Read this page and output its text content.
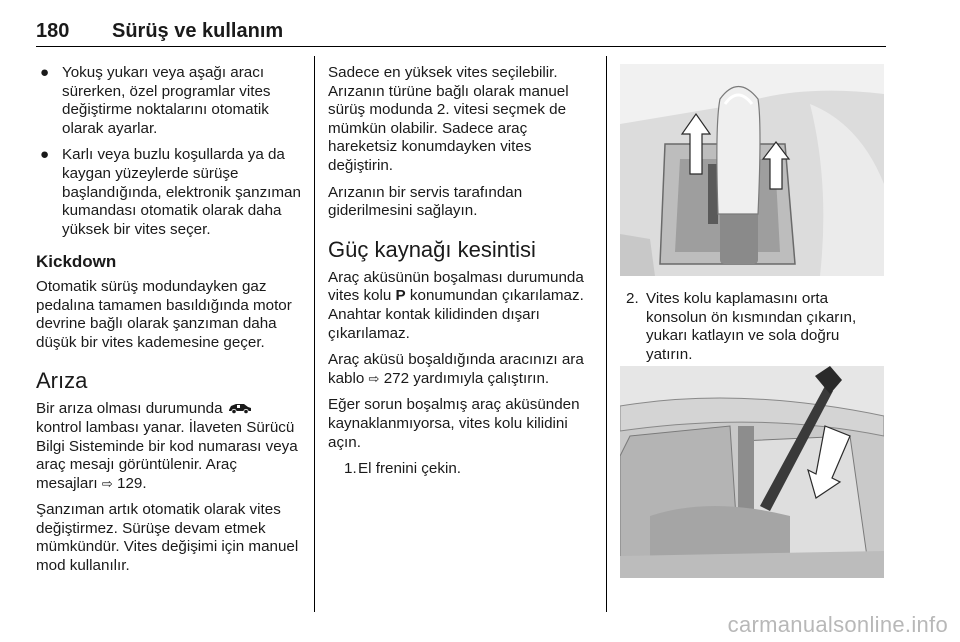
180 Sürüş ve kullanım
● Yokuş yukarı veya aşağı aracı sürerken, özel programlar vites değiştirme noktalarını otomatik olarak ayarlar.
● Karlı veya buzlu koşullarda ya da kaygan yüzeylerde sürüşe başlandığında, elektronik şanzıman kumandası otomatik olarak daha yüksek bir vites seçer.
Kickdown

Otomatik sürüş modundayken gaz pedalına tamamen basıldığında motor devrine bağlı olarak şanzıman daha düşük bir vites kademesine geçer.

Arıza

Bir arıza olması durumunda  kontrol lambası yanar. İlaveten Sürücü Bilgi Sisteminde bir kod numarası veya araç mesajı görüntülenir. Araç mesajları ⇨ 129.

Şanzıman artık otomatik olarak vites değiştirmez. Sürüşe devam etmek mümkündür. Vites değişimi için manuel mod kullanılır.

Sadece en yüksek vites seçilebilir. Arızanın türüne bağlı olarak manuel sürüş modunda 2. vitesi seçmek de mümkün olabilir. Sadece araç hareketsiz konumdayken vites değiştirin.

Arızanın bir servis tarafından giderilmesini sağlayın.

Güç kaynağı kesintisi

Araç aküsünün boşalması durumunda vites kolu P konumundan çıkarılamaz. Anahtar kontak kilidinden dışarı çıkarılamaz.

Araç aküsü boşaldığında aracınızı ara kablo ⇨ 272 yardımıyla çalıştırın.

Eğer sorun boşalmış araç aküsünden kaynaklanmıyorsa, vites kolu kilidini açın.

1. El frenini çekin.
2. Vites kolu kaplamasını orta konsolun ön kısmından çıkarın, yukarı katlayın ve sola doğru yatırın.
carmanualsonline.info
